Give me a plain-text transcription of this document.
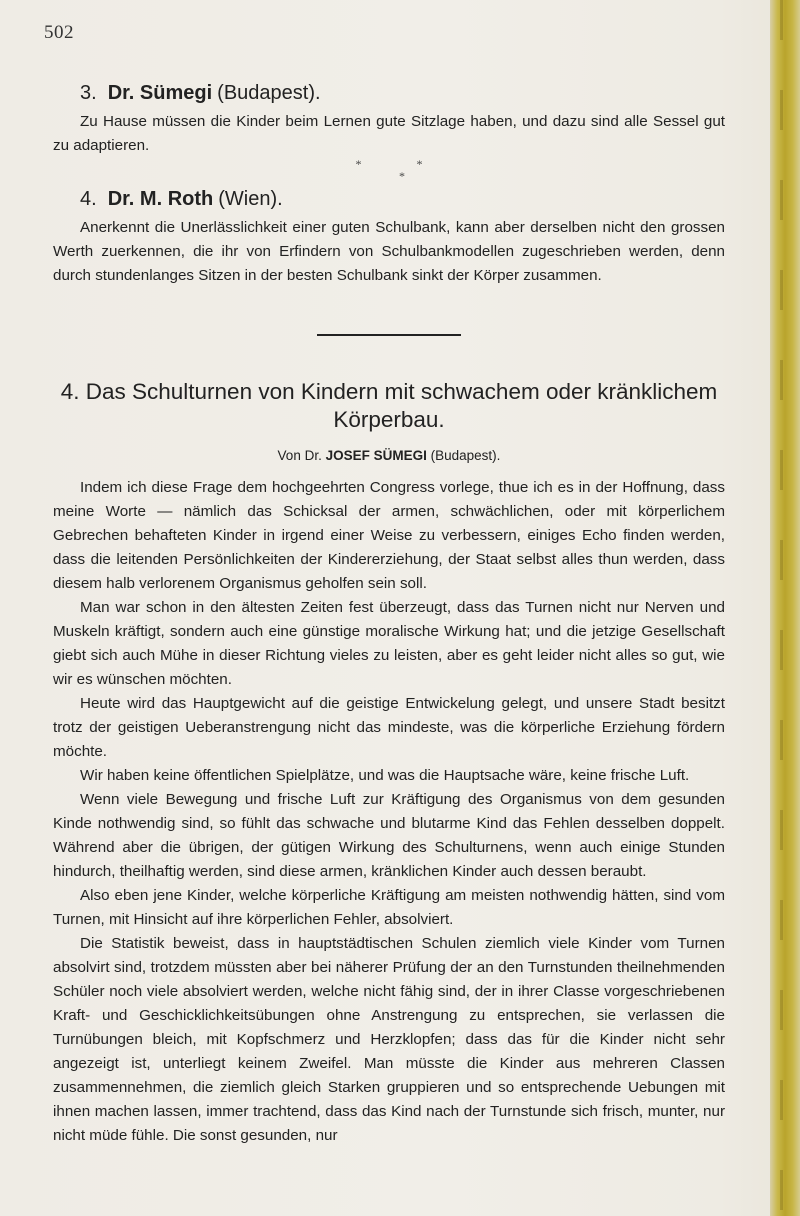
502
3. Dr. Sümegi (Budapest).

Zu Hause müssen die Kinder beim Lernen gute Sitzlage haben, und dazu sind alle Sessel gut zu adaptieren.

* *
*
4. Dr. M. Roth (Wien).

Anerkennt die Unerlässlichkeit einer guten Schulbank, kann aber derselben nicht den grossen Werth zuerkennen, die ihr von Erfindern von Schulbankmodellen zugeschrieben werden, denn durch stundenlanges Sitzen in der besten Schulbank sinkt der Körper zusammen.

4. Das Schulturnen von Kindern mit schwachem oder kränklichem
Körperbau.
Von Dr. JOSEF SÜMEGI (Budapest).

Indem ich diese Frage dem hochgeehrten Congress vorlege, thue ich es in der Hoffnung, dass meine Worte — nämlich das Schicksal der armen, schwächlichen, oder mit körperlichem Gebrechen behafteten Kinder in irgend einer Weise zu verbessern, einiges Echo finden werden, dass die leitenden Persönlichkeiten der Kindererziehung, der Staat selbst alles thun werden, dass diesem halb verlorenem Organismus geholfen sein soll.

Man war schon in den ältesten Zeiten fest überzeugt, dass das Turnen nicht nur Nerven und Muskeln kräftigt, sondern auch eine günstige moralische Wirkung hat; und die jetzige Gesellschaft giebt sich auch Mühe in dieser Richtung vieles zu leisten, aber es geht leider nicht alles so gut, wie wir es wünschen möchten.

Heute wird das Hauptgewicht auf die geistige Entwickelung gelegt, und unsere Stadt besitzt trotz der geistigen Ueberanstrengung nicht das mindeste, was die körperliche Erziehung fördern möchte.

Wir haben keine öffentlichen Spielplätze, und was die Hauptsache wäre, keine frische Luft.

Wenn viele Bewegung und frische Luft zur Kräftigung des Organismus von dem gesunden Kinde nothwendig sind, so fühlt das schwache und blutarme Kind das Fehlen desselben doppelt. Während aber die übrigen, der gütigen Wirkung des Schulturnens, wenn auch einige Stunden hindurch, theilhaftig werden, sind diese armen, kränklichen Kinder auch dessen beraubt.

Also eben jene Kinder, welche körperliche Kräftigung am meisten nothwendig hätten, sind vom Turnen, mit Hinsicht auf ihre körperlichen Fehler, absolviert.

Die Statistik beweist, dass in hauptstädtischen Schulen ziemlich viele Kinder vom Turnen absolvirt sind, trotzdem müssten aber bei näherer Prüfung der an den Turnstunden theilnehmenden Schüler noch viele absolviert werden, welche nicht fähig sind, der in ihrer Classe vorgeschriebenen Kraft- und Geschicklichkeitsübungen ohne Anstrengung zu entsprechen, sie verlassen die Turnübungen bleich, mit Kopfschmerz und Herzklopfen; dass das für die Kinder nicht sehr angezeigt ist, unterliegt keinem Zweifel. Man müsste die Kinder aus mehreren Classen zusammennehmen, die ziemlich gleich Starken gruppieren und so entsprechende Uebungen mit ihnen machen lassen, immer trachtend, dass das Kind nach der Turnstunde sich frisch, munter, nur nicht müde fühle. Die sonst gesunden, nur
